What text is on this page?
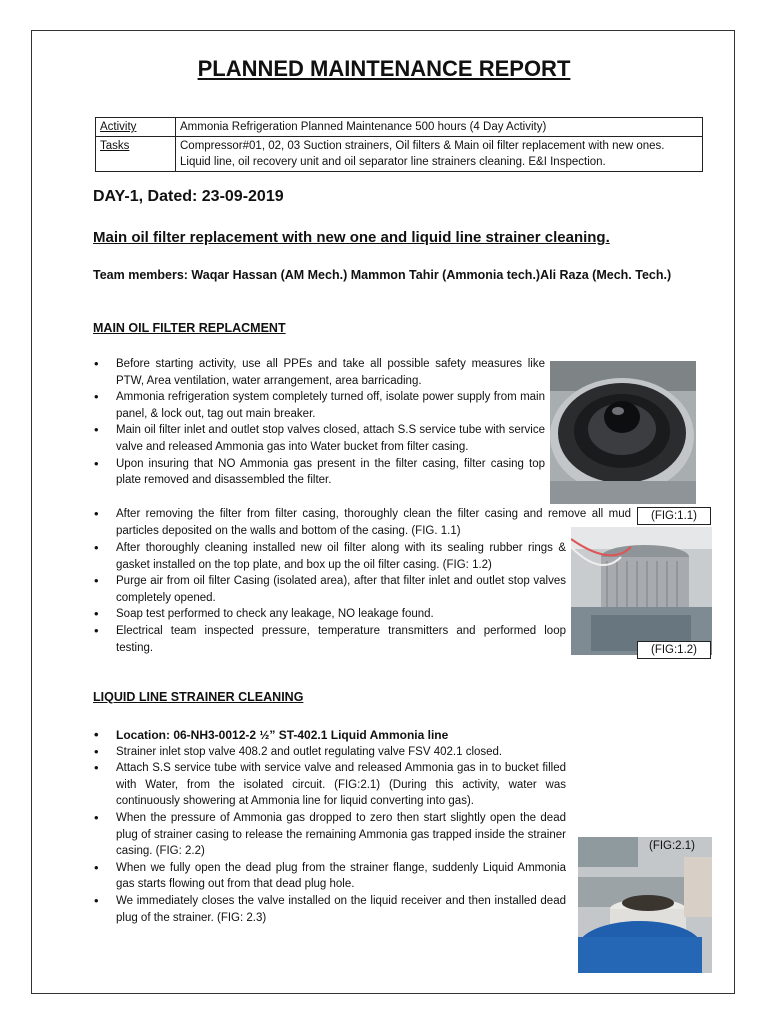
PLANNED MAINTENANCE REPORT
Activity	Ammonia Refrigeration Planned Maintenance 500 hours (4 Day Activity)
Tasks	Compressor#01, 02, 03 Suction strainers, Oil filters & Main oil filter replacement with new ones. Liquid line, oil recovery unit and oil separator line strainers cleaning. E&I Inspection.
DAY-1, Dated: 23-09-2019
Main oil filter replacement with new one and liquid line strainer cleaning.
Team members: Waqar Hassan (AM Mech.) Mammon Tahir (Ammonia tech.)Ali Raza (Mech. Tech.)
MAIN OIL FILTER REPLACMENT
• Before starting activity, use all PPEs and take all possible safety measures like PTW, Area ventilation, water arrangement, area barricading.
• Ammonia refrigeration system completely turned off, isolate power supply from main panel, & lock out, tag out main breaker.
• Main oil filter inlet and outlet stop valves closed, attach S.S service tube with service valve and released Ammonia gas into Water bucket from filter casing.
• Upon insuring that NO Ammonia gas present in the filter casing, filter casing top plate removed and disassembled the filter.
• After removing the filter from filter casing, thoroughly clean the filter casing and remove all mud particles deposited on the walls and bottom of the casing. (FIG. 1.1)
• After thoroughly cleaning installed new oil filter along with its sealing rubber rings & gasket installed on the top plate, and box up the oil filter casing. (FIG: 1.2)
• Purge air from oil filter Casing (isolated area), after that filter inlet and outlet stop valves completely opened.
• Soap test performed to check any leakage, NO leakage found.
• Electrical team inspected pressure, temperature transmitters and performed loop testing.
LIQUID LINE STRAINER CLEANING
• Location: 06-NH3-0012-2 ½” ST-402.1 Liquid Ammonia line
• Strainer inlet stop valve 408.2 and outlet regulating valve FSV 402.1 closed.
• Attach S.S service tube with service valve and released Ammonia gas in to bucket filled with Water, from the isolated circuit. (FIG:2.1) (During this activity, water was continuously showering at Ammonia line for liquid converting into gas).
• When the pressure of Ammonia gas dropped to zero then start slightly open the dead plug of strainer casing to release the remaining Ammonia gas trapped inside the strainer casing. (FIG: 2.2)
• When we fully open the dead plug from the strainer flange, suddenly Liquid Ammonia gas starts flowing out from that dead plug hole.
• We immediately closes the valve installed on the liquid receiver and then installed dead plug of the strainer. (FIG: 2.3)
(FIG:1.1)
(FIG:1.2)
(FIG:2.1)
